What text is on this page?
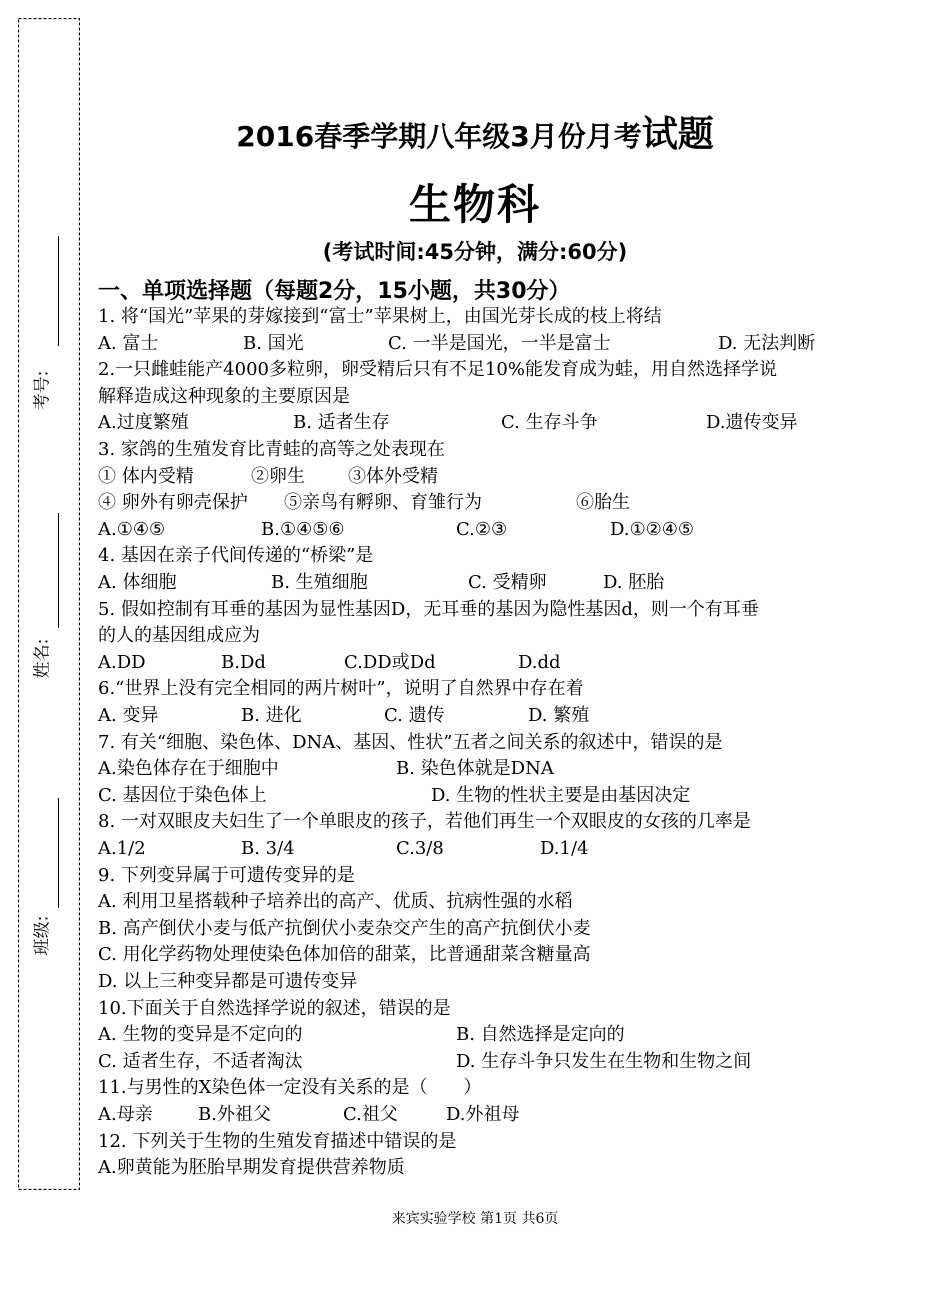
考号:
姓名:
班级:
2016春季学期八年级3月份月考试题
生物科
(考试时间:45分钟，满分:60分)
一、单项选择题（每题2分，15小题，共30分）
1. 将“国光”苹果的芽嫁接到“富士”苹果树上，由国光芽长成的枝上将结
A. 富士	B. 国光	C. 一半是国光，一半是富士	D. 无法判断
2.一只雌蛙能产4000多粒卵，卵受精后只有不足10%能发育成为蛙，用自然选择学说
解释造成这种现象的主要原因是
A.过度繁殖	B. 适者生存	C. 生存斗争	D.遗传变异
3. 家鸽的生殖发育比青蛙的高等之处表现在
① 体内受精	②卵生 ③体外受精
④ 卵外有卵壳保护 ⑤亲鸟有孵卵、育雏行为	⑥胎生
A.①④⑤	B.①④⑤⑥	C.②③	D.①②④⑤
4. 基因在亲子代间传递的“桥梁”是
A. 体细胞	B. 生殖细胞	C. 受精卵	D. 胚胎
5. 假如控制有耳垂的基因为显性基因D，无耳垂的基因为隐性基因d，则一个有耳垂
的人的基因组成应为
A.DD	B.Dd	C.DD或Dd	D.dd
6.“世界上没有完全相同的两片树叶”，说明了自然界中存在着
A. 变异	B. 进化	C. 遗传	D. 繁殖
7. 有关“细胞、染色体、DNA、基因、性状”五者之间关系的叙述中，错误的是
A.染色体存在于细胞中	B. 染色体就是DNA
C. 基因位于染色体上	D. 生物的性状主要是由基因决定
8. 一对双眼皮夫妇生了一个单眼皮的孩子，若他们再生一个双眼皮的女孩的几率是
A.1/2	B. 3/4	C.3/8	D.1/4
9. 下列变异属于可遗传变异的是
A. 利用卫星搭载种子培养出的高产、优质、抗病性强的水稻
B. 高产倒伏小麦与低产抗倒伏小麦杂交产生的高产抗倒伏小麦
C. 用化学药物处理使染色体加倍的甜菜，比普通甜菜含糖量高
D. 以上三种变异都是可遗传变异
10.下面关于自然选择学说的叙述，错误的是
A. 生物的变异是不定向的	B. 自然选择是定向的
C. 适者生存，不适者淘汰	D. 生存斗争只发生在生物和生物之间
11.与男性的X染色体一定没有关系的是（　　）
A.母亲	B.外祖父	C.祖父	D.外祖母
12. 下列关于生物的生殖发育描述中错误的是
A.卵黄能为胚胎早期发育提供营养物质
来宾实验学校 第1页 共6页
